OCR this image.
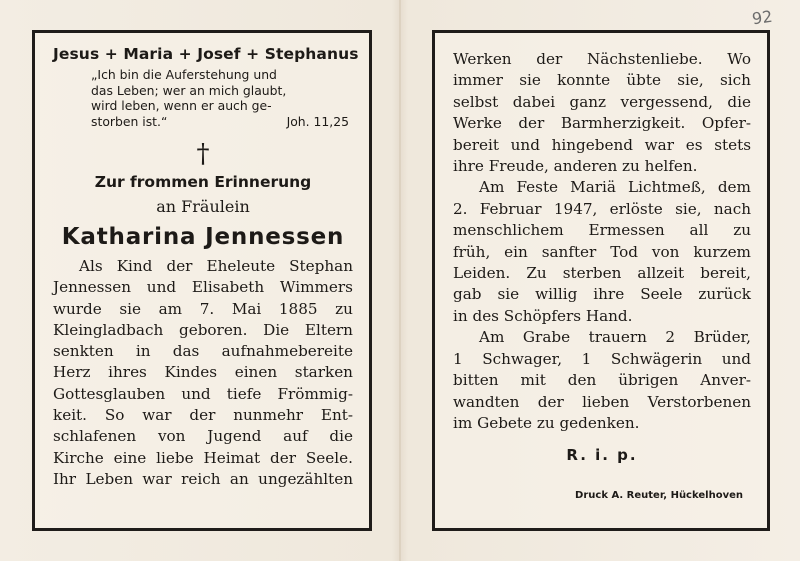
92
Jesus + Maria + Josef + Stephanus
„Ich bin die Auferstehung und
das Leben; wer an mich glaubt,
wird leben, wenn er auch ge-
storben ist.“	Joh. 11,25
†
Zur frommen Erinnerung
an Fräulein
Katharina Jennessen
Als Kind der Eheleute Stephan
Jennessen und Elisabeth Wimmers
wurde sie am 7. Mai 1885 zu
Kleingladbach geboren. Die Eltern
senkten in das aufnahmebereite
Herz ihres Kindes einen starken
Gottesglauben und tiefe Frömmig-
keit. So war der nunmehr Ent-
schlafenen von Jugend auf die
Kirche eine liebe Heimat der Seele.
Ihr Leben war reich an ungezählten
Werken der Nächstenliebe. Wo
immer sie konnte übte sie, sich
selbst dabei ganz vergessend, die
Werke der Barmherzigkeit. Opfer-
bereit und hingebend war es stets
ihre Freude, anderen zu helfen.
Am Feste Mariä Lichtmeß, dem
2. Februar 1947, erlöste sie, nach
menschlichem Ermessen all zu
früh, ein sanfter Tod von kurzem
Leiden. Zu sterben allzeit bereit,
gab sie willig ihre Seele zurück
in des Schöpfers Hand.
Am Grabe trauern 2 Brüder,
1 Schwager, 1 Schwägerin und
bitten mit den übrigen Anver-
wandten der lieben Verstorbenen
im Gebete zu gedenken.
R. i. p.
Druck A. Reuter, Hückelhoven
